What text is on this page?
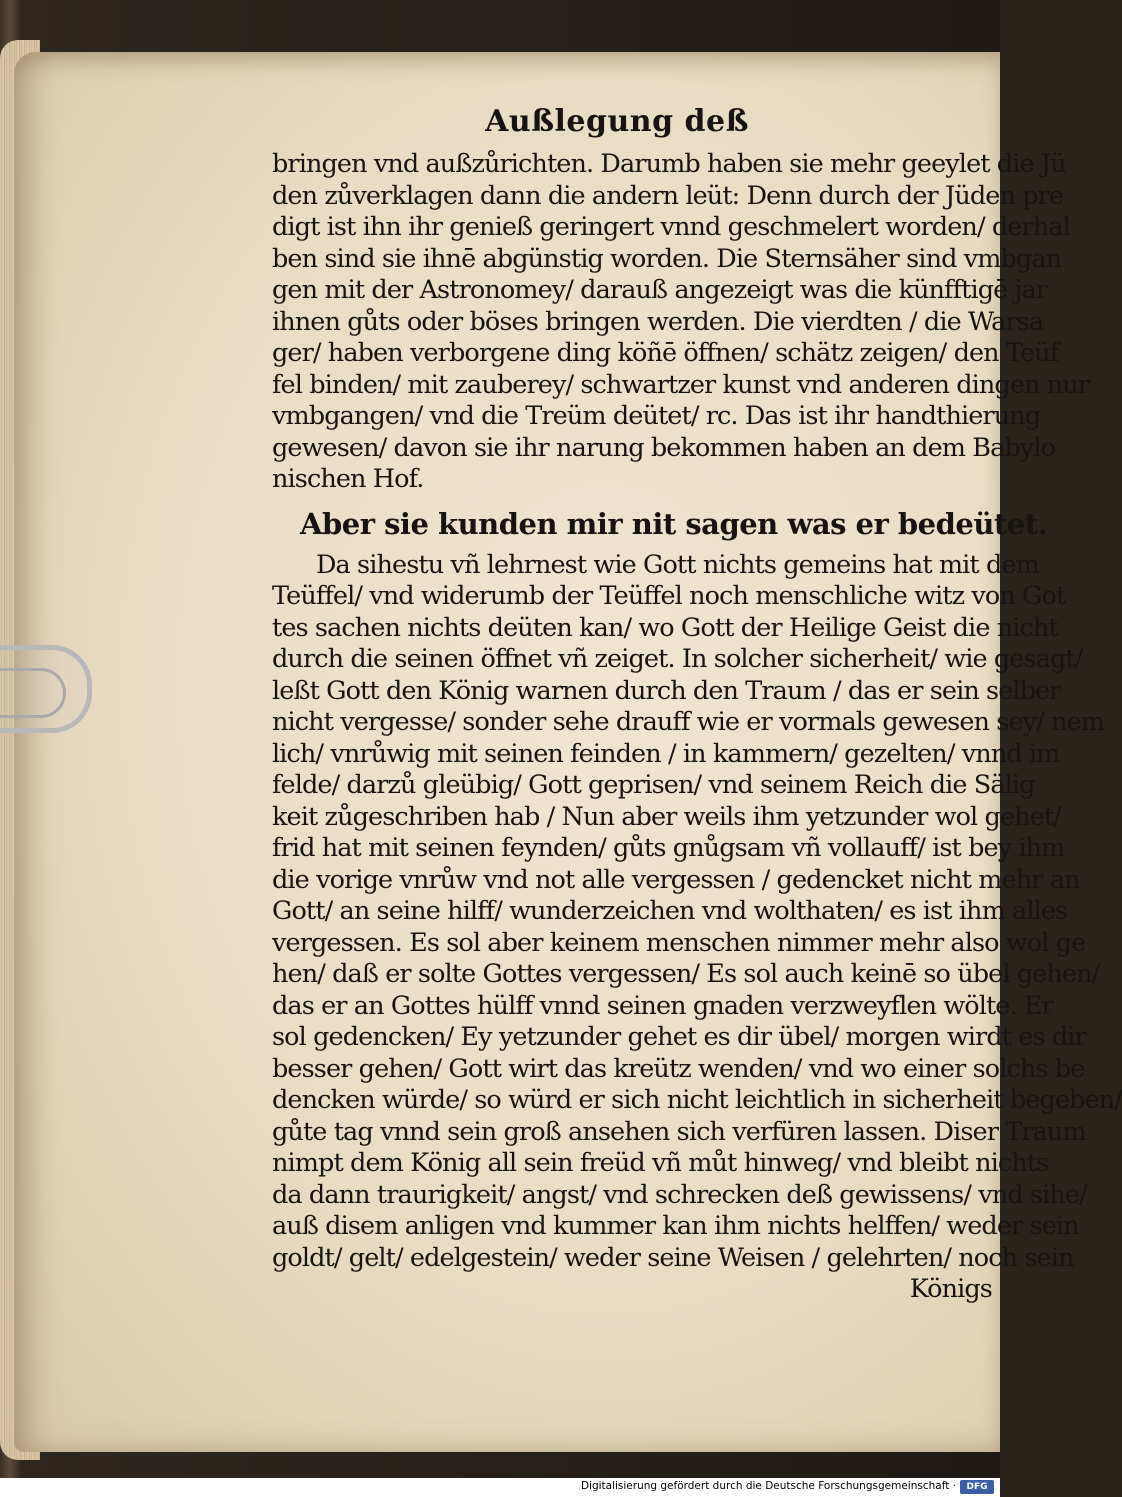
Außlegung deß
bringen vnd außzůrichten. Darumb haben sie mehr geeylet die Jü
den zůverklagen dann die andern leüt: Denn durch der Jüden pre
digt ist ihn ihr genieß geringert vnnd geschmelert worden/ derhal
ben sind sie ihnē abgünstig worden. Die Sternsäher sind vmbgan
gen mit der Astronomey/ darauß angezeigt was die künfftigē jar
ihnen gůts oder böses bringen werden. Die vierdten / die Warsa
ger/ haben verborgene ding köñē öffnen/ schätz zeigen/ den Teüf
fel binden/ mit zauberey/ schwartzer kunst vnd anderen dingen nur
vmbgangen/ vnd die Treüm deütet/ rc. Das ist ihr handthierung
gewesen/ davon sie ihr narung bekommen haben an dem Babylo
nischen Hof.
Aber sie kunden mir nit sagen was er bedeütet.
Da sihestu vñ lehrnest wie Gott nichts gemeins hat mit dem
Teüffel/ vnd widerumb der Teüffel noch menschliche witz von Got
tes sachen nichts deüten kan/ wo Gott der Heilige Geist die nicht
durch die seinen öffnet vñ zeiget. In solcher sicherheit/ wie gesagt/
leßt Gott den König warnen durch den Traum / das er sein selber
nicht vergesse/ sonder sehe drauff wie er vormals gewesen sey/ nem
lich/ vnrůwig mit seinen feinden / in kammern/ gezelten/ vnnd im
felde/ darzů gleübig/ Gott geprisen/ vnd seinem Reich die Sälig
keit zůgeschriben hab / Nun aber weils ihm yetzunder wol gehet/
frid hat mit seinen feynden/ gůts gnůgsam vñ vollauff/ ist bey ihm
die vorige vnrůw vnd not alle vergessen / gedencket nicht mehr an
Gott/ an seine hilff/ wunderzeichen vnd wolthaten/ es ist ihm alles
vergessen. Es sol aber keinem menschen nimmer mehr also wol ge
hen/ daß er solte Gottes vergessen/ Es sol auch keinē so übel gehen/
das er an Gottes hülff vnnd seinen gnaden verzweyflen wölte. Er
sol gedencken/ Ey yetzunder gehet es dir übel/ morgen wirdt es dir
besser gehen/ Gott wirt das kreütz wenden/ vnd wo einer solchs be
dencken würde/ so würd er sich nicht leichtlich in sicherheit begeben/
gůte tag vnnd sein groß ansehen sich verfüren lassen. Diser Traum
nimpt dem König all sein freüd vñ můt hinweg/ vnd bleibt nichts
da dann traurigkeit/ angst/ vnd schrecken deß gewissens/ vnd sihe/
auß disem anligen vnd kummer kan ihm nichts helffen/ weder sein
goldt/ gelt/ edelgestein/ weder seine Weisen / gelehrten/ noch sein
Königs
Digitalisierung gefördert durch die Deutsche Forschungsgemeinschaft ·	DFG
